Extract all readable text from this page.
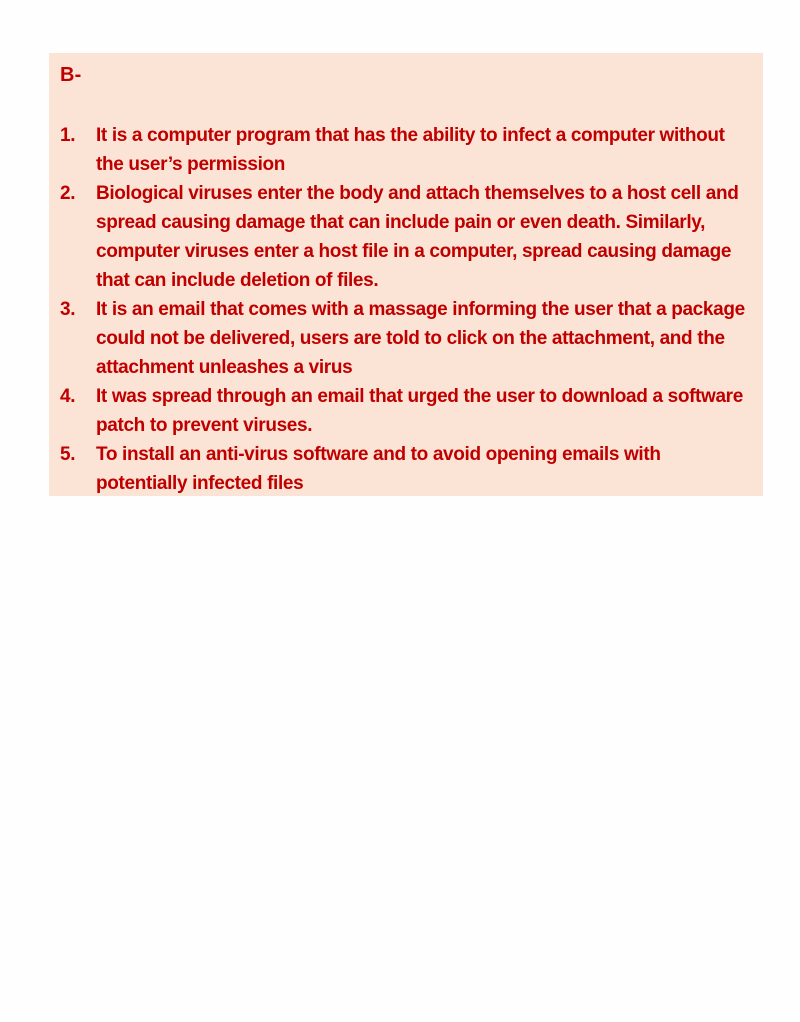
B-
1.	It is a computer program that has the ability to infect a computer without the user’s permission
2.	Biological viruses enter the body and attach themselves to a host cell and spread causing damage that can include pain or even death. Similarly, computer viruses enter a host file in a computer, spread causing damage that can include deletion of files.
3.	It is an email that comes with a massage informing the user that a package could not be delivered, users are told to click on the attachment, and the attachment unleashes a virus
4.	It was spread through an email that urged the user to download a software patch to prevent viruses.
5.	To install an anti-virus software and to avoid opening emails with potentially infected files
